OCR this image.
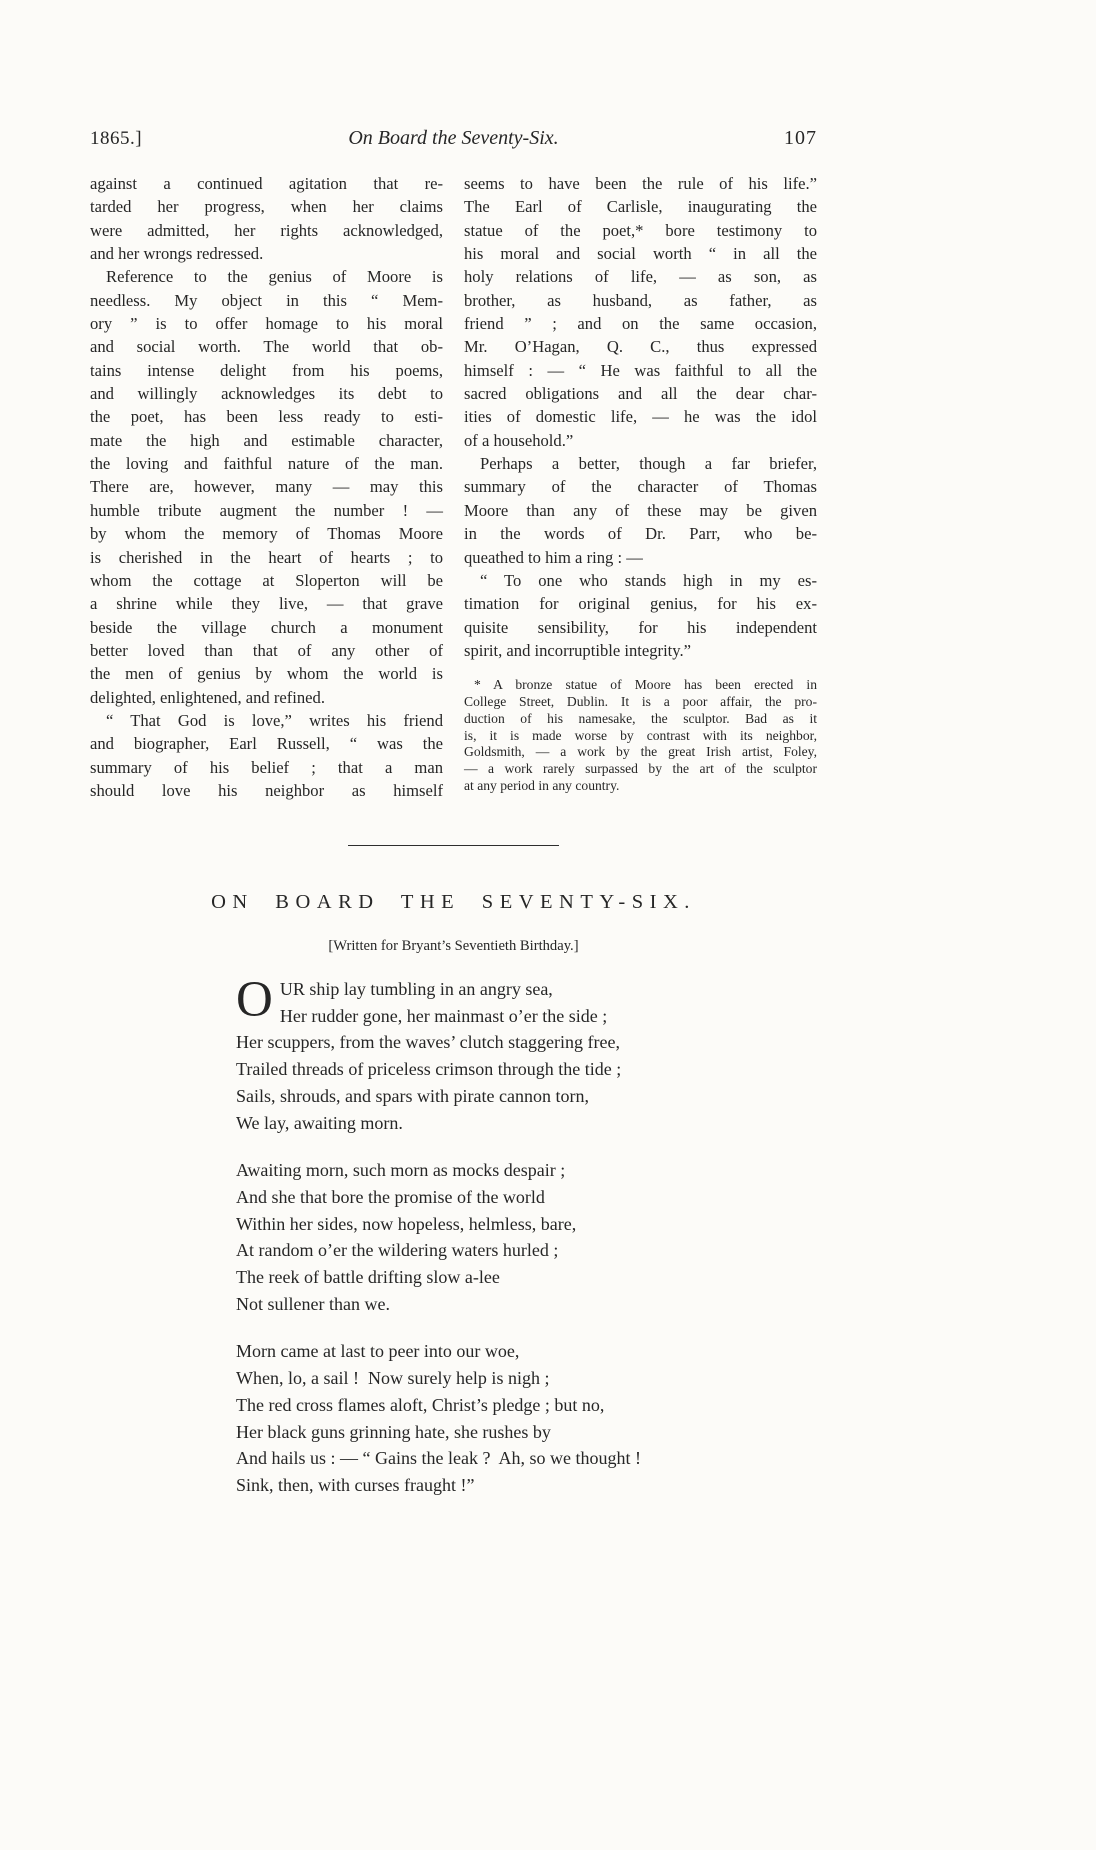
1865.]	On Board the Seventy-Six.	107
against a continued agitation that re-
tarded her progress, when her claims
were admitted, her rights acknowledged,
and her wrongs redressed.
Reference to the genius of Moore is
needless. My object in this “ Mem-
ory ” is to offer homage to his moral
and social worth. The world that ob-
tains intense delight from his poems,
and willingly acknowledges its debt to
the poet, has been less ready to esti-
mate the high and estimable character,
the loving and faithful nature of the man.
There are, however, many — may this
humble tribute augment the number ! —
by whom the memory of Thomas Moore
is cherished in the heart of hearts ; to
whom the cottage at Sloperton will be
a shrine while they live, — that grave
beside the village church a monument
better loved than that of any other of
the men of genius by whom the world is
delighted, enlightened, and refined.
“ That God is love,” writes his friend
and biographer, Earl Russell, “ was the
summary of his belief ; that a man
should love his neighbor as himself
seems to have been the rule of his life.”
The Earl of Carlisle, inaugurating the
statue of the poet,* bore testimony to
his moral and social worth “ in all the
holy relations of life, — as son, as
brother, as husband, as father, as
friend ” ; and on the same occasion,
Mr. O’Hagan, Q. C., thus expressed
himself : — “ He was faithful to all the
sacred obligations and all the dear char-
ities of domestic life, — he was the idol
of a household.”
Perhaps a better, though a far briefer,
summary of the character of Thomas
Moore than any of these may be given
in the words of Dr. Parr, who be-
queathed to him a ring : —
“ To one who stands high in my es-
timation for original genius, for his ex-
quisite sensibility, for his independent
spirit, and incorruptible integrity.”
* A bronze statue of Moore has been erected in
College Street, Dublin. It is a poor affair, the pro-
duction of his namesake, the sculptor. Bad as it
is, it is made worse by contrast with its neighbor,
Goldsmith, — a work by the great Irish artist, Foley,
— a work rarely surpassed by the art of the sculptor
at any period in any country.
ON BOARD THE SEVENTY-SIX.
[Written for Bryant’s Seventieth Birthday.]
O UR ship lay tumbling in an angry sea,
Her rudder gone, her mainmast o’er the side ;
Her scuppers, from the waves’ clutch staggering free,
Trailed threads of priceless crimson through the tide ;
Sails, shrouds, and spars with pirate cannon torn,
We lay, awaiting morn.
Awaiting morn, such morn as mocks despair ;
And she that bore the promise of the world
Within her sides, now hopeless, helmless, bare,
At random o’er the wildering waters hurled ;
The reek of battle drifting slow a-lee
Not sullener than we.
Morn came at last to peer into our woe,
When, lo, a sail !  Now surely help is nigh ;
The red cross flames aloft, Christ’s pledge ; but no,
Her black guns grinning hate, she rushes by
And hails us : — “ Gains the leak ?  Ah, so we thought !
Sink, then, with curses fraught !”
